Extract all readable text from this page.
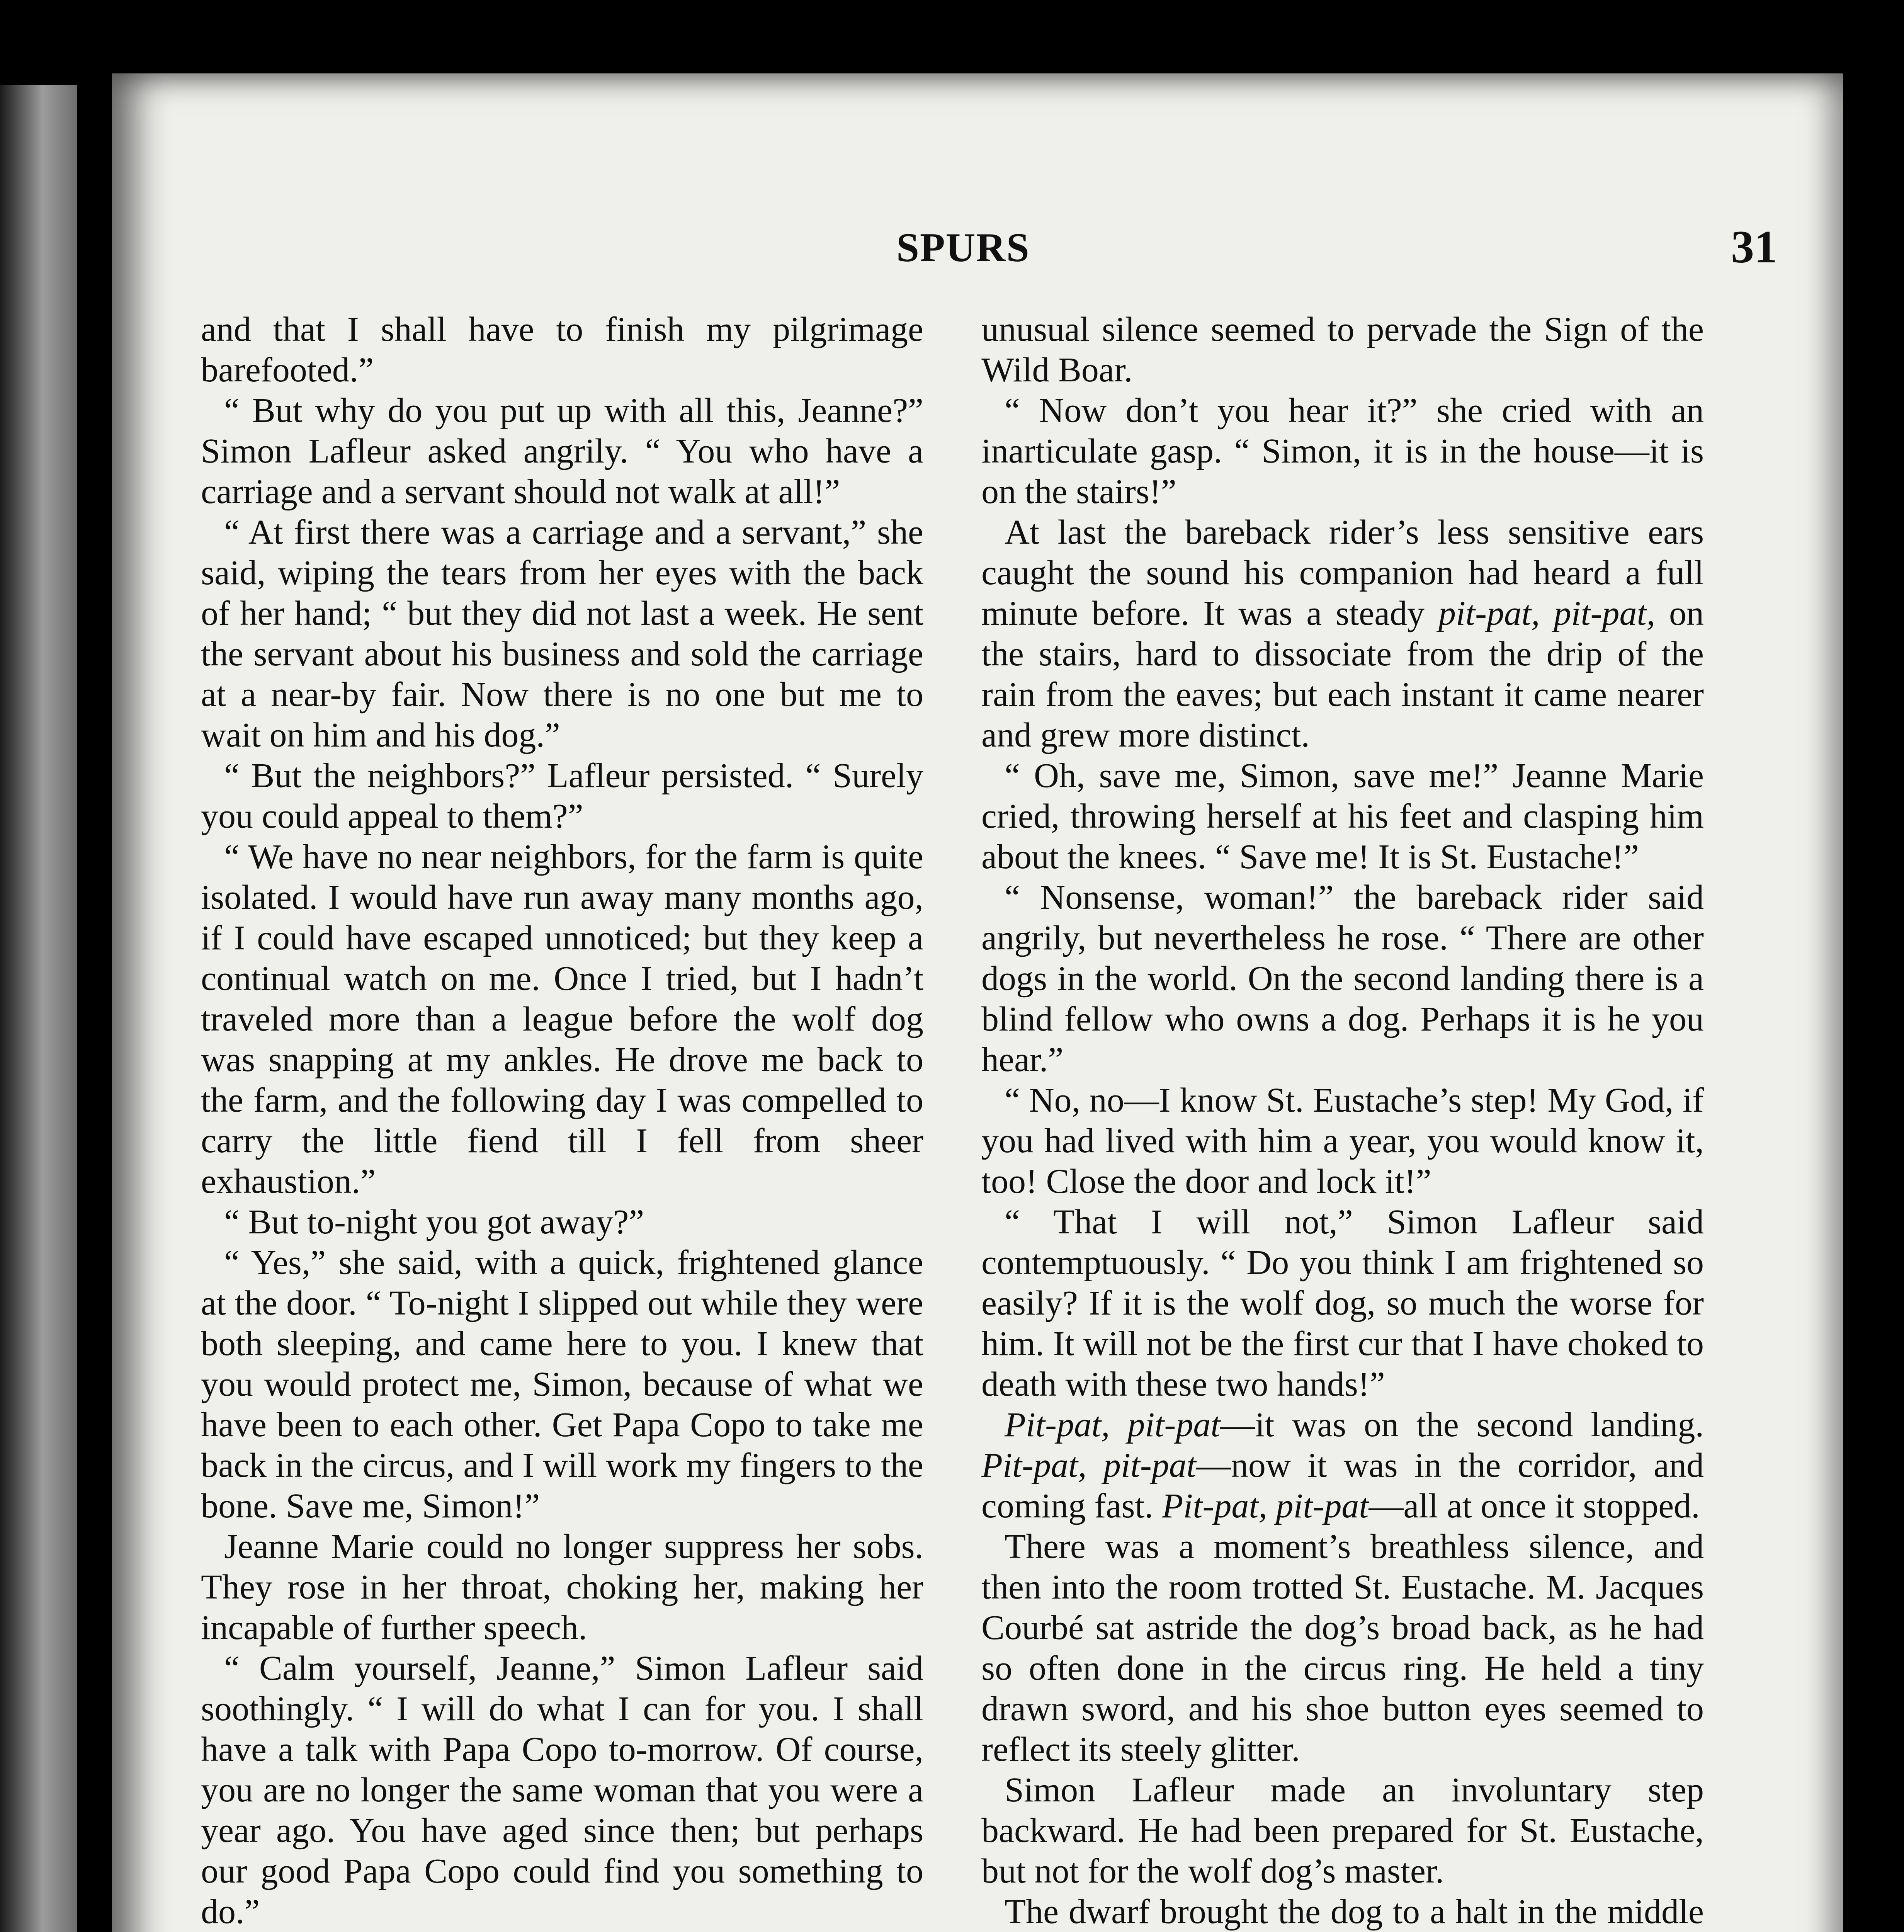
SPURS	31

and that I shall have to finish my pilgrimage barefooted.”

“ But why do you put up with all this, Jeanne?” Simon Lafleur asked angrily. “ You who have a carriage and a servant should not walk at all!”

“ At first there was a carriage and a servant,” she said, wiping the tears from her eyes with the back of her hand; “ but they did not last a week. He sent the servant about his business and sold the carriage at a near-by fair. Now there is no one but me to wait on him and his dog.”

“ But the neighbors?” Lafleur persisted. “ Surely you could appeal to them?”

“ We have no near neighbors, for the farm is quite isolated. I would have run away many months ago, if I could have escaped unnoticed; but they keep a continual watch on me. Once I tried, but I hadn’t traveled more than a league before the wolf dog was snapping at my ankles. He drove me back to the farm, and the following day I was compelled to carry the little fiend till I fell from sheer exhaustion.”

“ But to-night you got away?”

“ Yes,” she said, with a quick, frightened glance at the door. “ To-night I slipped out while they were both sleeping, and came here to you. I knew that you would protect me, Simon, because of what we have been to each other. Get Papa Copo to take me back in the circus, and I will work my fingers to the bone. Save me, Simon!”

Jeanne Marie could no longer suppress her sobs. They rose in her throat, choking her, making her incapable of further speech.

“ Calm yourself, Jeanne,” Simon Lafleur said soothingly. “ I will do what I can for you. I shall have a talk with Papa Copo to-morrow. Of course, you are no longer the same woman that you were a year ago. You have aged since then; but perhaps our good Papa Copo could find you something to do.”

unusual silence seemed to pervade the Sign of the Wild Boar.

“ Now don’t you hear it?” she cried with an inarticulate gasp. “ Simon, it is in the house—it is on the stairs!”

At last the bareback rider’s less sensitive ears caught the sound his companion had heard a full minute before. It was a steady pit-pat, pit-pat, on the stairs, hard to dissociate from the drip of the rain from the eaves; but each instant it came nearer and grew more distinct.

“ Oh, save me, Simon, save me!” Jeanne Marie cried, throwing herself at his feet and clasping him about the knees. “ Save me! It is St. Eustache!”

“ Nonsense, woman!” the bareback rider said angrily, but nevertheless he rose. “ There are other dogs in the world. On the second landing there is a blind fellow who owns a dog. Perhaps it is he you hear.”

“ No, no—I know St. Eustache’s step! My God, if you had lived with him a year, you would know it, too! Close the door and lock it!”

“ That I will not,” Simon Lafleur said contemptuously. “ Do you think I am frightened so easily? If it is the wolf dog, so much the worse for him. It will not be the first cur that I have choked to death with these two hands!”

Pit-pat, pit-pat—it was on the second landing. Pit-pat, pit-pat—now it was in the corridor, and coming fast. Pit-pat, pit-pat—all at once it stopped.

There was a moment’s breathless silence, and then into the room trotted St. Eustache. M. Jacques Courbé sat astride the dog’s broad back, as he had so often done in the circus ring. He held a tiny drawn sword, and his shoe button eyes seemed to reflect its steely glitter.

Simon Lafleur made an involuntary step backward. He had been prepared for St. Eustache, but not for the wolf dog’s master.

The dwarf brought the dog to a halt in the middle
